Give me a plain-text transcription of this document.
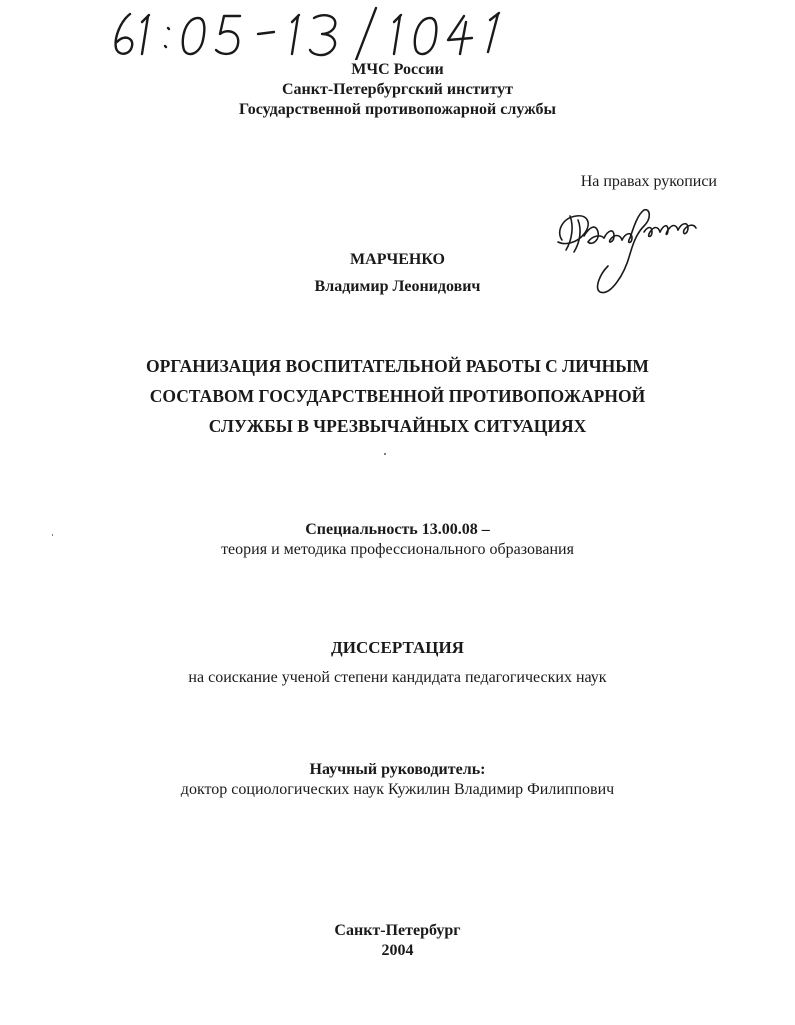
МЧС России
Санкт-Петербургский институт
Государственной противопожарной службы
На правах рукописи
МАРЧЕНКО
Владимир Леонидович
ОРГАНИЗАЦИЯ ВОСПИТАТЕЛЬНОЙ РАБОТЫ С ЛИЧНЫМ
СОСТАВОМ ГОСУДАРСТВЕННОЙ ПРОТИВОПОЖАРНОЙ
СЛУЖБЫ В ЧРЕЗВЫЧАЙНЫХ СИТУАЦИЯХ
Специальность 13.00.08 –
теория и методика профессионального образования
ДИССЕРТАЦИЯ
на соискание ученой степени кандидата педагогических наук
Научный руководитель:
доктор социологических наук Кужилин Владимир Филиппович
Санкт-Петербург
2004
